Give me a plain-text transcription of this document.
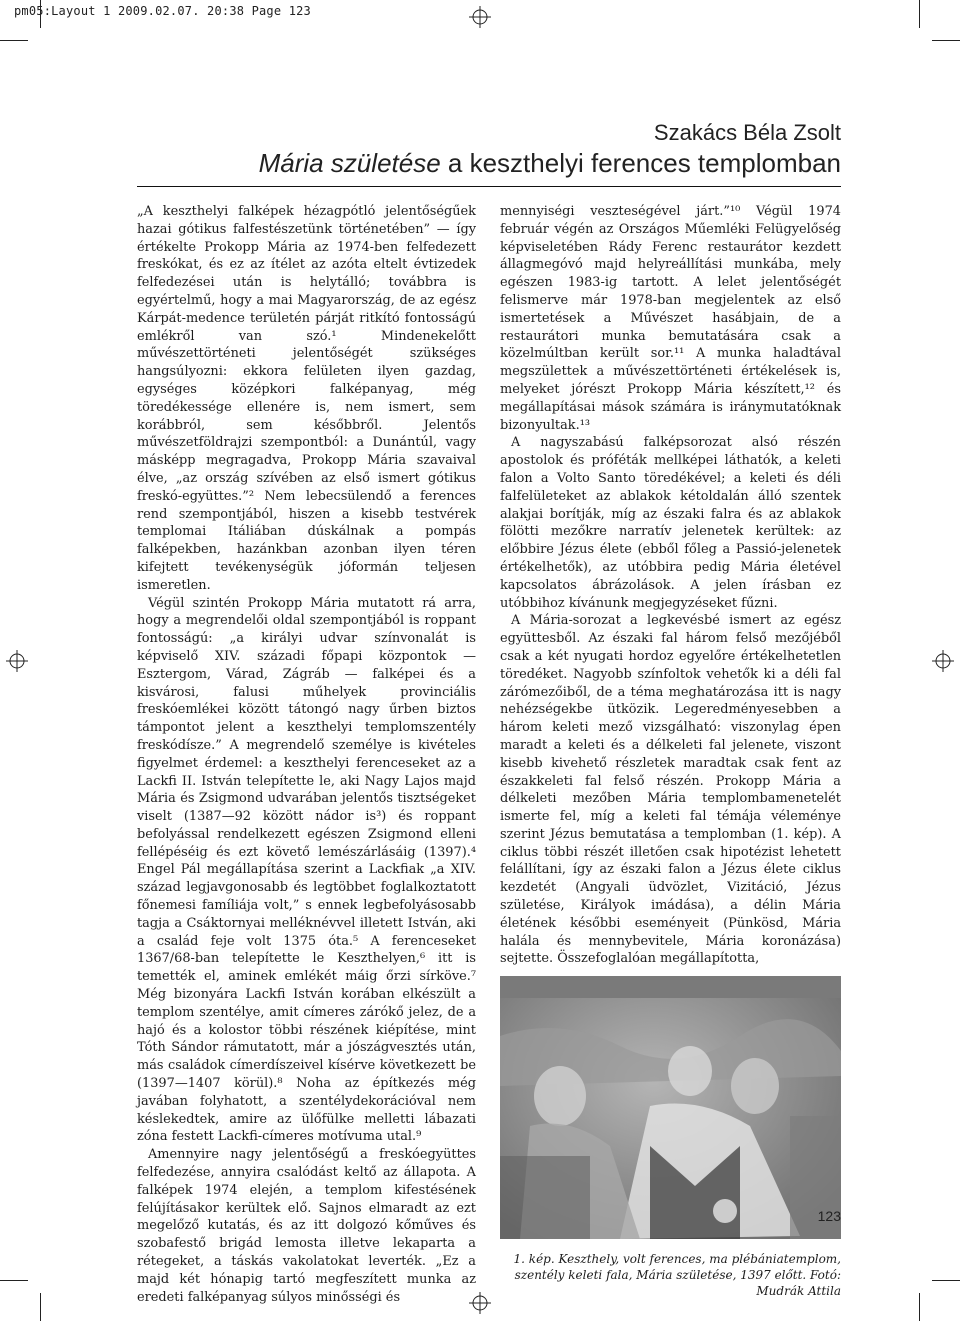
pm05:Layout 1 2009.02.07. 20:38 Page 123
Szakács Béla Zsolt
Mária születése a keszthelyi ferences templomban

„A keszthelyi falképek hézagpótló jelentőségűek hazai gótikus falfestészetünk történetében” — így értékelte Prokopp Mária az 1974-ben felfedezett freskókat, és ez az ítélet az azóta eltelt évtizedek felfedezései után is helytálló; továbbra is egyértelmű, hogy a mai Magyarország, de az egész Kárpát-medence területén párját ritkító fontosságú emlékről van szó.¹ Mindenekelőtt művészettörténeti jelentőségét szükséges hangsúlyozni: ekkora felületen ilyen gazdag, egységes középkori falképanyag, még töredékessége ellenére is, nem ismert, sem korábbról, sem későbbről. Jelentős művészetföldrajzi szempontból: a Dunántúl, vagy másképp megragadva, Prokopp Mária szavaival élve, „az ország szívében az első ismert gótikus freskó-együttes.”² Nem lebecsülendő a ferences rend szempontjából, hiszen a kisebb testvérek templomai Itáliában dúskálnak a pompás falképekben, hazánkban azonban ilyen téren kifejtett tevékenységük jóformán teljesen ismeretlen.

Végül szintén Prokopp Mária mutatott rá arra, hogy a megrendelői oldal szempontjából is roppant fontosságú: „a királyi udvar színvonalát is képviselő XIV. századi főpapi központok — Esztergom, Várad, Zágráb — falképei és a kisvárosi, falusi műhelyek provinciális freskóemlékei között tátongó nagy űrben biztos támpontot jelent a keszthelyi templomszentély freskódísze.” A megrendelő személye is kivételes figyelmet érdemel: a keszthelyi ferenceseket az a Lackfi II. István telepítette le, aki Nagy Lajos majd Mária és Zsigmond udvarában jelentős tisztségeket viselt (1387—92 között nádor is³) és roppant befolyással rendelkezett egészen Zsigmond elleni fellépéséig és ezt követő lemészárlásáig (1397).⁴ Engel Pál megállapítása szerint a Lackfiak „a XIV. század legjavgonosabb és legtöbbet foglalkoztatott főnemesi famíliája volt,” s ennek legbefolyásosabb tagja a Csáktornyai melléknévvel illetett István, aki a család feje volt 1375 óta.⁵ A ferenceseket 1367/68-ban telepítette le Keszthelyen,⁶ itt is temették el, aminek emlékét máig őrzi sírköve.⁷ Még bizonyára Lackfi István korában elkészült a templom szentélye, amit címeres zárókő jelez, de a hajó és a kolostor többi részének kiépítése, mint Tóth Sándor rámutatott, már a jószágvesztés után, más családok címerdíszeivel kísérve következett be (1397—1407 körül).⁸ Noha az építkezés még javában folyhatott, a szentélydekorációval nem késlekedtek, amire az ülőfülke melletti lábazati zóna festett Lackfi-címeres motívuma utal.⁹

Amennyire nagy jelentőségű a freskóegyüttes felfedezése, annyira csalódást keltő az állapota. A falképek 1974 elején, a templom kifestésének felújításakor kerültek elő. Sajnos elmaradt az ezt megelőző kutatás, és az itt dolgozó kőműves és szobafestő brigád lemosta illetve lekaparta a rétegeket, a táskás vakolatokat leverték. „Ez a majd két hónapig tartó megfeszített munka az eredeti falképanyag súlyos minősségi és

mennyiségi veszteségével járt.”¹⁰ Végül 1974 február végén az Országos Műemléki Felügyelőség képviseletében Rády Ferenc restaurátor kezdett állagmegóvó majd helyreállítási munkába, mely egészen 1983-ig tartott. A lelet jelentőségét felismerve már 1978-ban megjelentek az első ismertetések a Művészet hasábjain, de a restaurátori munka bemutatására csak a közelmúltban került sor.¹¹ A munka haladtával megszülettek a művészettörténeti értékelések is, melyeket jórészt Prokopp Mária készített,¹² és megállapításai mások számára is iránymutatóknak bizonyultak.¹³

A nagyszabású falképsorozat alsó részén apostolok és próféták mellképei láthatók, a keleti falon a Volto Santo töredékével; a keleti és déli falfelületeket az ablakok kétoldalán álló szentek alakjai borítják, míg az északi falra és az ablakok fölötti mezőkre narratív jelenetek kerültek: az előbbire Jézus élete (ebből főleg a Passió-jelenetek értékelhetők), az utóbbira pedig Mária életével kapcsolatos ábrázolások. A jelen írásban ez utóbbihoz kívánunk megjegyzéseket fűzni.

A Mária-sorozat a legkevésbé ismert az egész együttesből. Az északi fal három felső mezőjéből csak a két nyugati hordoz egyelőre értékelhetetlen töredéket. Nagyobb színfoltok vehetők ki a déli fal zárómezőiből, de a téma meghatározása itt is nagy nehézségekbe ütközik. Legeredményesebben a három keleti mező vizsgálható: viszonylag épen maradt a keleti és a délkeleti fal jelenete, viszont kisebb kivehető részletek maradtak csak fent az északkeleti fal felső részén. Prokopp Mária a délkeleti mezőben Mária templombamenetelét ismerte fel, míg a keleti fal témája véleménye szerint Jézus bemutatása a templomban (1. kép). A ciklus többi részét illetően csak hipotézist lehetett felállítani, így az északi falon a Jézus élete ciklus kezdetét (Angyali üdvözlet, Vizitáció, Jézus születése, Királyok imádása), a délin Mária életének későbbi eseményeit (Pünkösd, Mária halála és mennybevitele, Mária koronázása) sejtette. Összefoglalóan megállapította,

1. kép. Keszthely, volt ferences, ma plébániatemplom,
szentély keleti fala, Mária születése, 1397 előtt. Fotó:
Mudrák Attila
123
